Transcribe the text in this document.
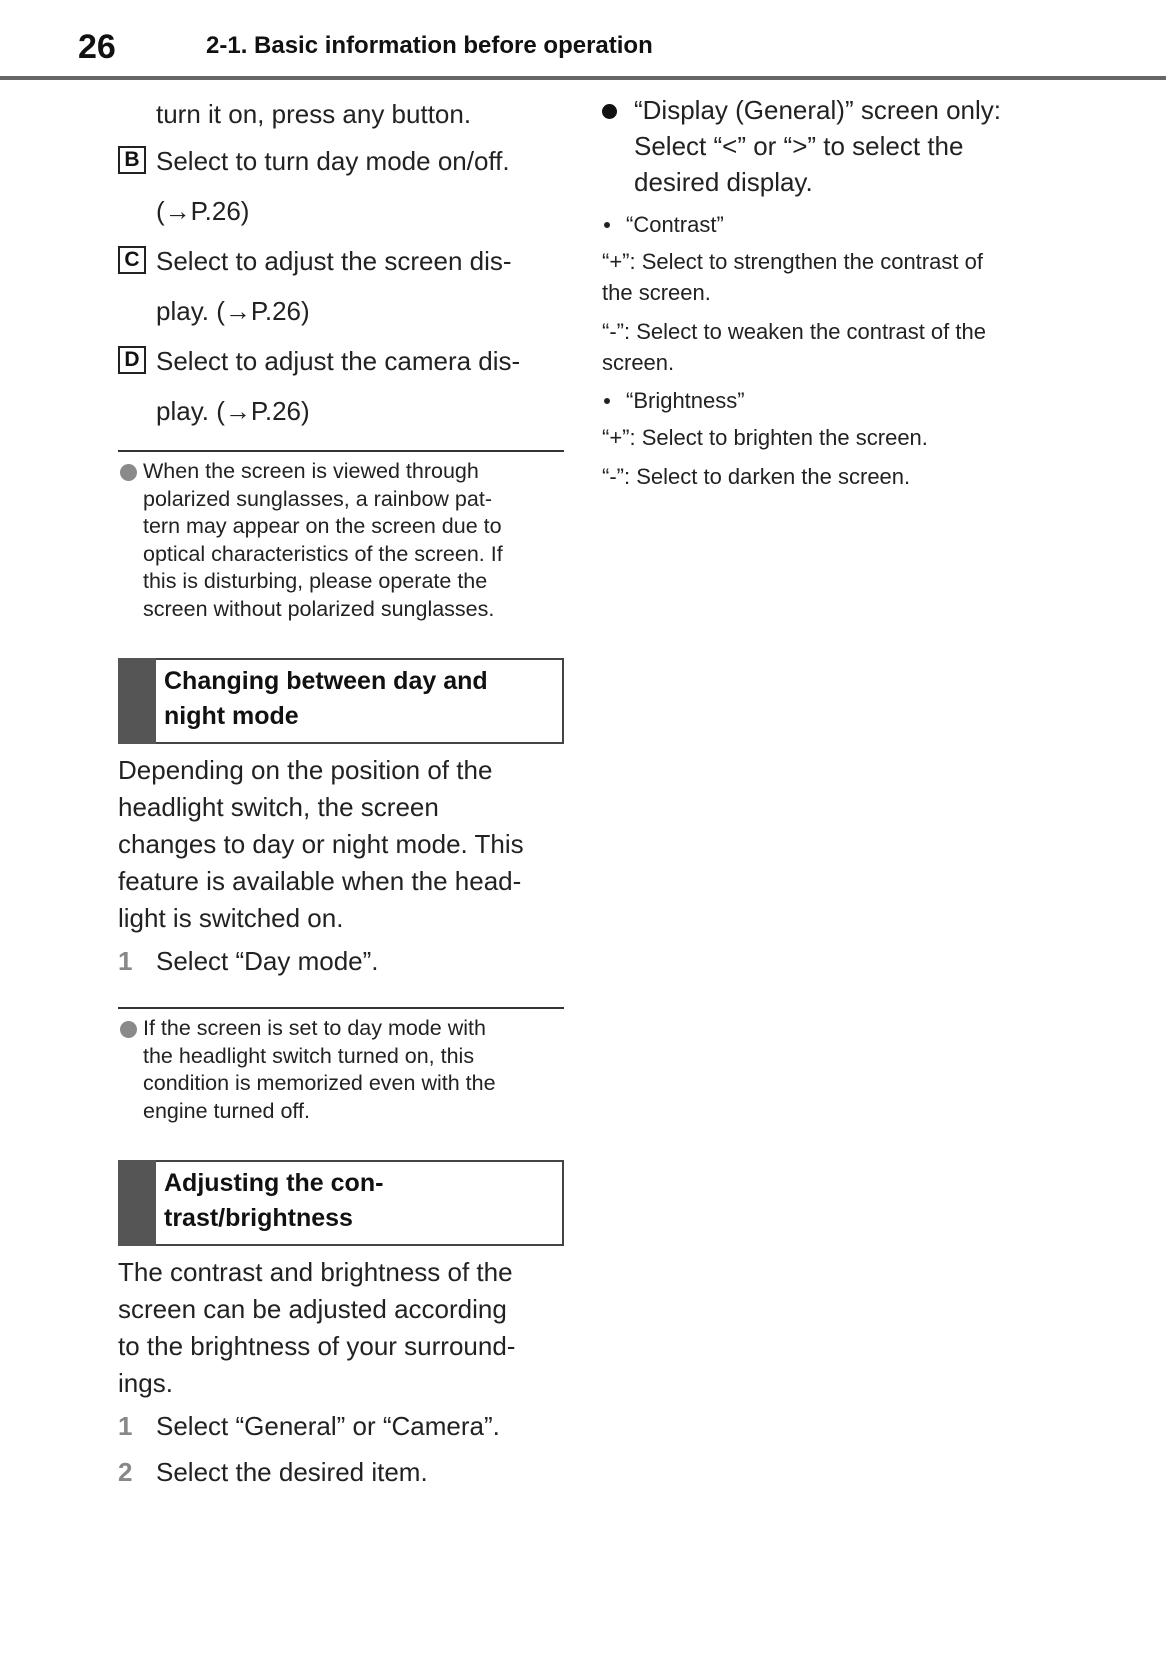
26	2-1. Basic information before operation

turn it on, press any button.

B Select to turn day mode on/off.
(→P.26)
C Select to adjust the screen dis-
play. (→P.26)
D Select to adjust the camera dis-
play. (→P.26)
When the screen is viewed through
polarized sunglasses, a rainbow pat-
tern may appear on the screen due to
optical characteristics of the screen. If
this is disturbing, please operate the
screen without polarized sunglasses.
Changing between day and
night mode
Depending on the position of the
headlight switch, the screen
changes to day or night mode. This
feature is available when the head-
light is switched on.
1 Select “Day mode”.
If the screen is set to day mode with
the headlight switch turned on, this
condition is memorized even with the
engine turned off.
Adjusting the con-
trast/brightness
The contrast and brightness of the
screen can be adjusted according
to the brightness of your surround-
ings.
1 Select “General” or “Camera”.
2 Select the desired item.
“Display (General)” screen only:
Select “<” or “>” to select the
desired display.
“Contrast”
“+”: Select to strengthen the contrast of
the screen.
“-”: Select to weaken the contrast of the
screen.
“Brightness”
“+”: Select to brighten the screen.
“-”: Select to darken the screen.
